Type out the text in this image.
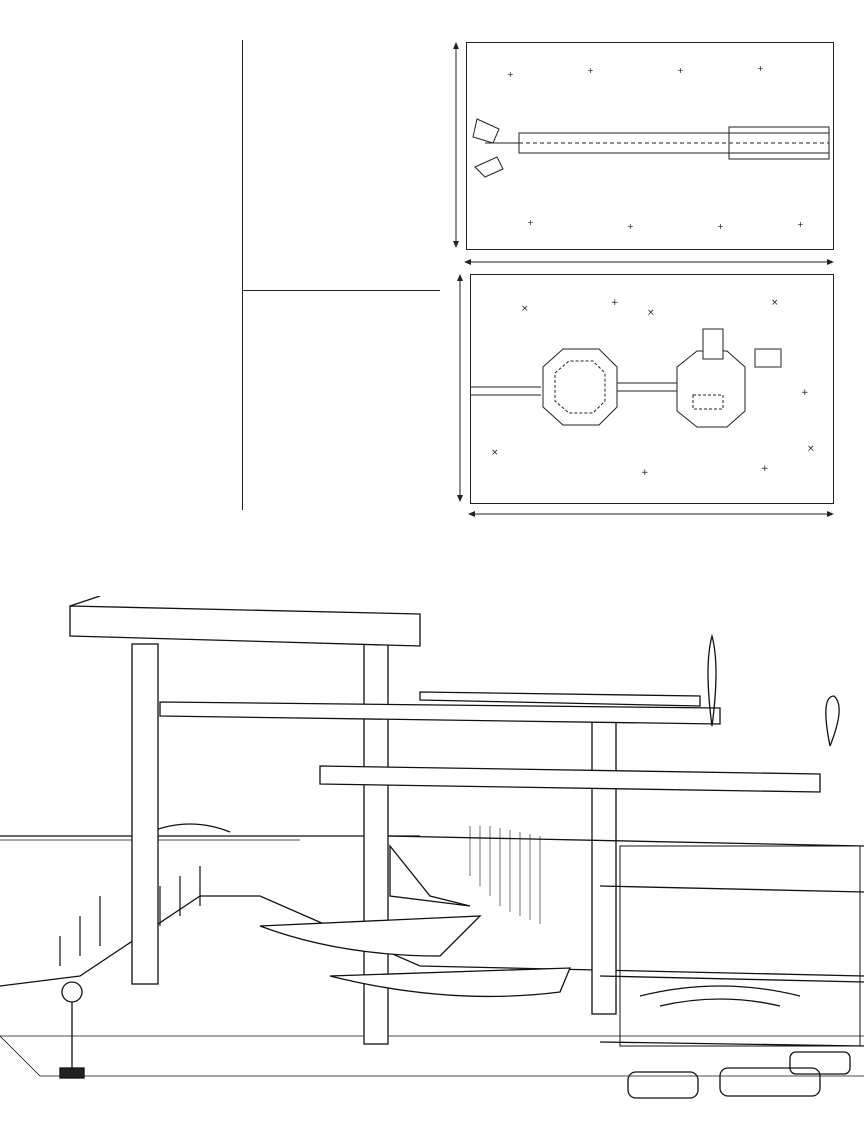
+	+	+	+
+	+	+	+
×	×
×
+
×
+	+
×
+
